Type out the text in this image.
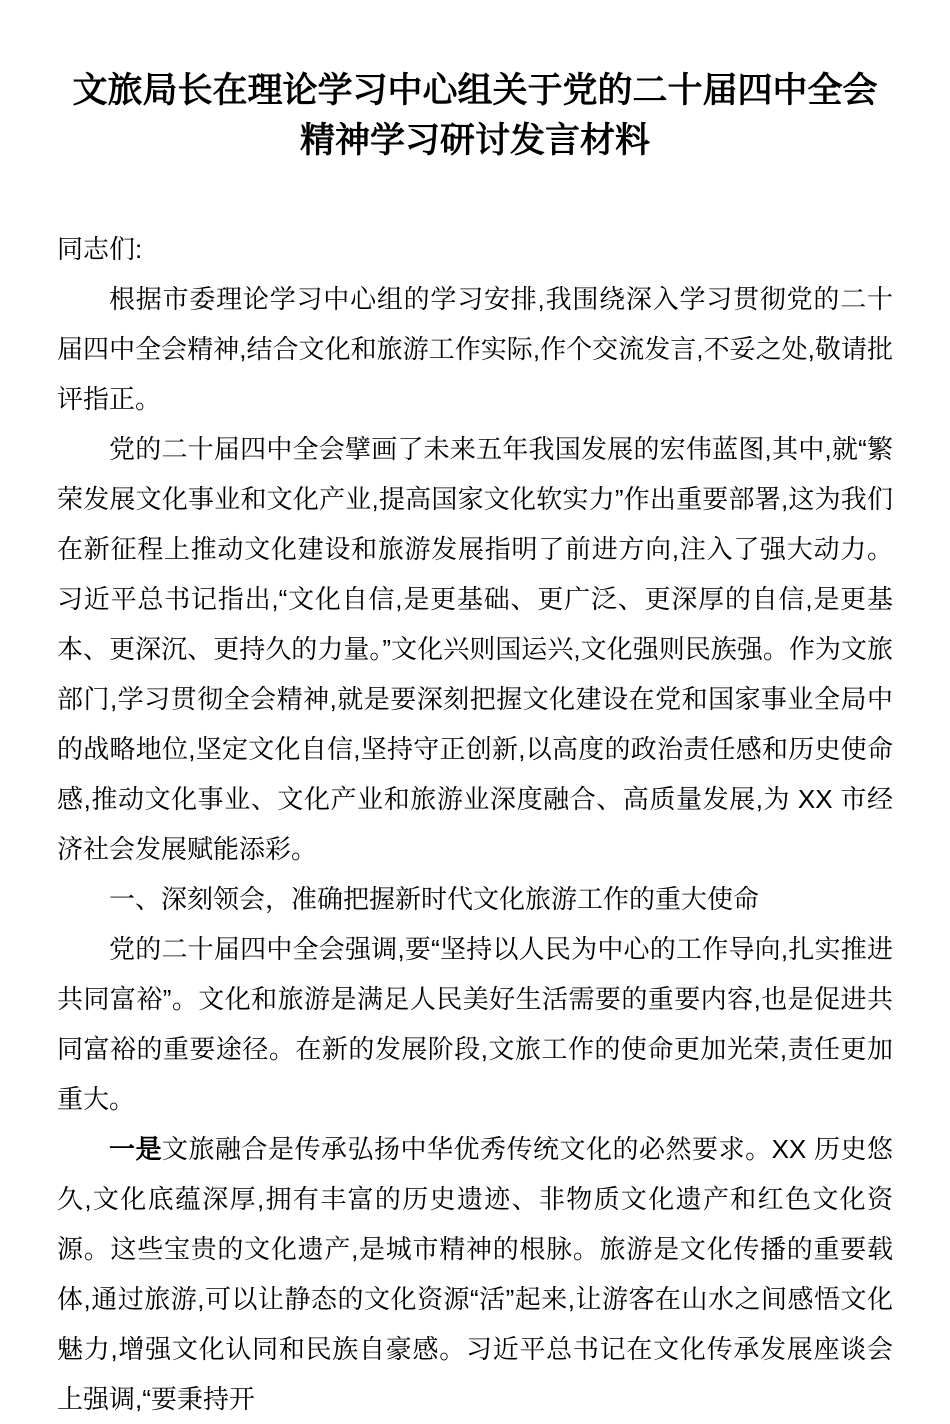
文旅局长在理论学习中心组关于党的二十届四中全会精神学习研讨发言材料

同志们:

根据市委理论学习中心组的学习安排,我围绕深入学习贯彻党的二十届四中全会精神,结合文化和旅游工作实际,作个交流发言,不妥之处,敬请批评指正。

党的二十届四中全会擘画了未来五年我国发展的宏伟蓝图,其中,就“繁荣发展文化事业和文化产业,提高国家文化软实力”作出重要部署,这为我们在新征程上推动文化建设和旅游发展指明了前进方向,注入了强大动力。习近平总书记指出,“文化自信,是更基础、更广泛、更深厚的自信,是更基本、更深沉、更持久的力量。”文化兴则国运兴,文化强则民族强。作为文旅部门,学习贯彻全会精神,就是要深刻把握文化建设在党和国家事业全局中的战略地位,坚定文化自信,坚持守正创新,以高度的政治责任感和历史使命感,推动文化事业、文化产业和旅游业深度融合、高质量发展,为 XX 市经济社会发展赋能添彩。

一、深刻领会，准确把握新时代文化旅游工作的重大使命

党的二十届四中全会强调,要“坚持以人民为中心的工作导向,扎实推进共同富裕”。文化和旅游是满足人民美好生活需要的重要内容,也是促进共同富裕的重要途径。在新的发展阶段,文旅工作的使命更加光荣,责任更加重大。

一是文旅融合是传承弘扬中华优秀传统文化的必然要求。XX 历史悠久,文化底蕴深厚,拥有丰富的历史遗迹、非物质文化遗产和红色文化资源。这些宝贵的文化遗产,是城市精神的根脉。旅游是文化传播的重要载体,通过旅游,可以让静态的文化资源“活”起来,让游客在山水之间感悟文化魅力,增强文化认同和民族自豪感。习近平总书记在文化传承发展座谈会上强调,“要秉持开
